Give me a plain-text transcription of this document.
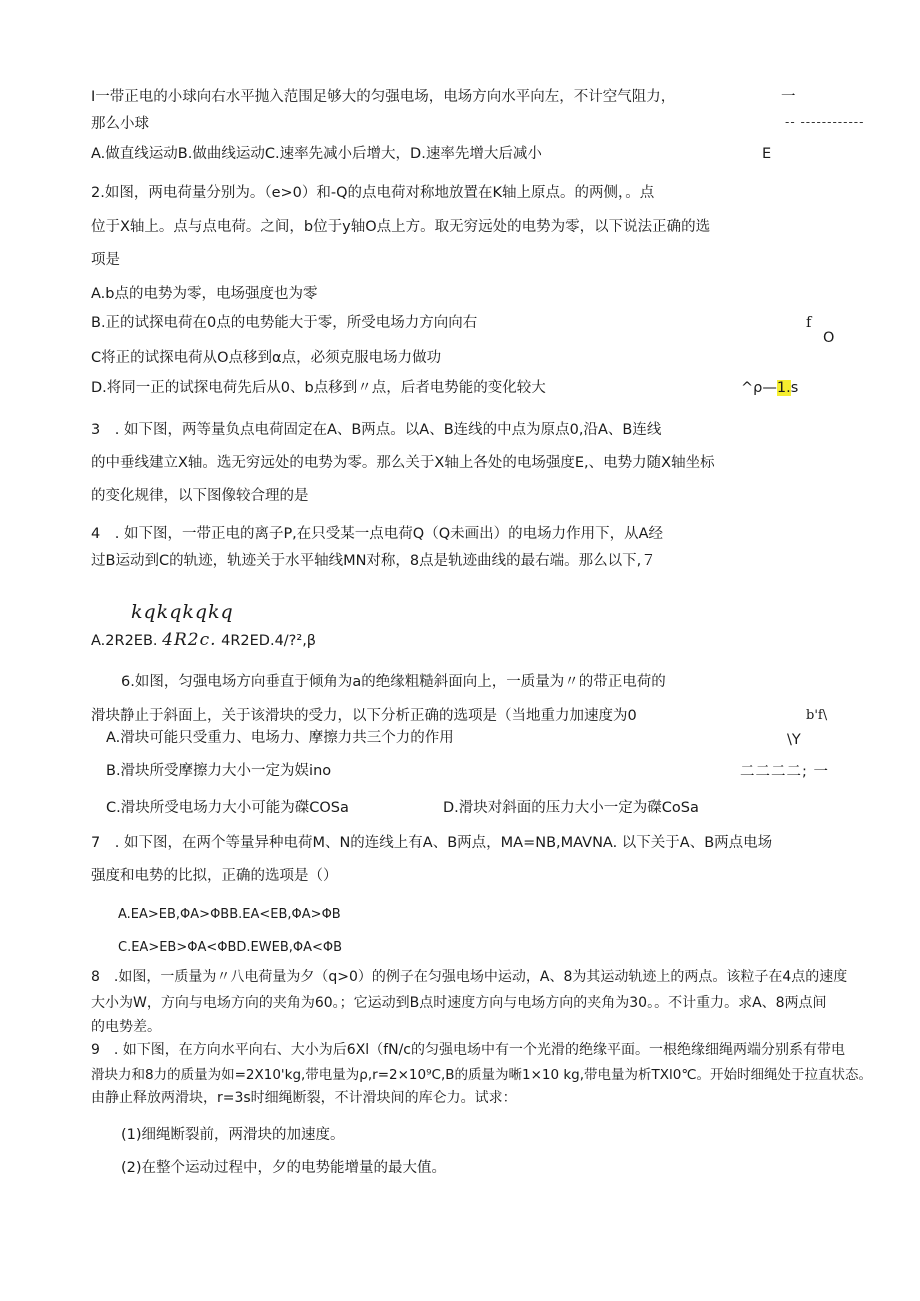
I一带正电的小球向右水平抛入范围足够大的匀强电场，电场方向水平向左，不计空气阻力，	一
那么小球	-- ------------
A.做直线运动B.做曲线运动C.速率先减小后增大，D.速率先增大后减小	E
2.如图，两电荷量分别为。（e>0）和-Q的点电荷对称地放置在K轴上原点。的两侧，。点
位于X轴上。点与点电荷。之间，b位于y轴O点上方。取无穷远处的电势为零，以下说法正确的选
项是
A.b点的电势为零，电场强度也为零
B.正的试探电荷在0点的电势能大于零，所受电场力方向向右	f
O
C将正的试探电荷从O点移到α点，必须克服电场力做功
D.将同一正的试探电荷先后从0、b点移到〃点，后者电势能的变化较大	^ρ—1.s
3　. 如下图，两等量负点电荷固定在A、B两点。以A、B连线的中点为原点0,沿A、B连线
的中垂线建立X轴。选无穷远处的电势为零。那么关于X轴上各处的电场强度E,、电势力随X轴坐标
的变化规律，以下图像较合理的是
4　. 如下图，一带正电的离子P,在只受某一点电荷Q（Q未画出）的电场力作用下，从A经
过B运动到C的轨迹，轨迹关于水平轴线MN对称，8点是轨迹曲线的最右端。那么以下,７
kqkqkqkq
A.2R2EB. 4R2c. 4R2ED.4/?²,β
6.如图，匀强电场方向垂直于倾角为a的绝缘粗糙斜面向上，一质量为〃的带正电荷的
滑块静止于斜面上，关于该滑块的受力，以下分析正确的选项是（当地重力加速度为0	b'f\
A.滑块可能只受重力、电场力、摩擦力共三个力的作用	\Y
B.滑块所受摩擦力大小一定为娱ino	二二二二; 一
C.滑块所受电场力大小可能为磔COSa	D.滑块对斜面的压力大小一定为磔CoSa
7　. 如下图，在两个等量异种电荷M、N的连线上有A、B两点，MA=NB,MAVNA. 以下关于A、B两点电场
强度和电势的比拟，正确的选项是（）
A.EA>EB,ΦA>ΦBB.EA<EB,ΦA>ΦB
C.EA>EB>ΦA<ΦBD.EWEB,ΦA<ΦB
8　.如图，一质量为〃八电荷量为夕（q>0）的例子在匀强电场中运动，A、8为其运动轨迹上的两点。该粒子在4点的速度
大小为W，方向与电场方向的夹角为60。；它运动到B点时速度方向与电场方向的夹角为30。。不计重力。求A、8两点间
的电势差。
9　. 如下图，在方向水平向右、大小为后6Xl（fN/c的匀强电场中有一个光滑的绝缘平面。一根绝缘细绳两端分别系有带电
滑块力和8力的质量为如=2X10'kg,带电量为ρ,r=2×10⁹C,B的质量为晰1×10 kg,带电量为析TXl0℃。开始时细绳处于拉直状态。
由静止释放两滑块，r=3s时细绳断裂，不计滑块间的库仑力。试求：
(1)细绳断裂前，两滑块的加速度。
(2)在整个运动过程中，夕的电势能增量的最大值。
